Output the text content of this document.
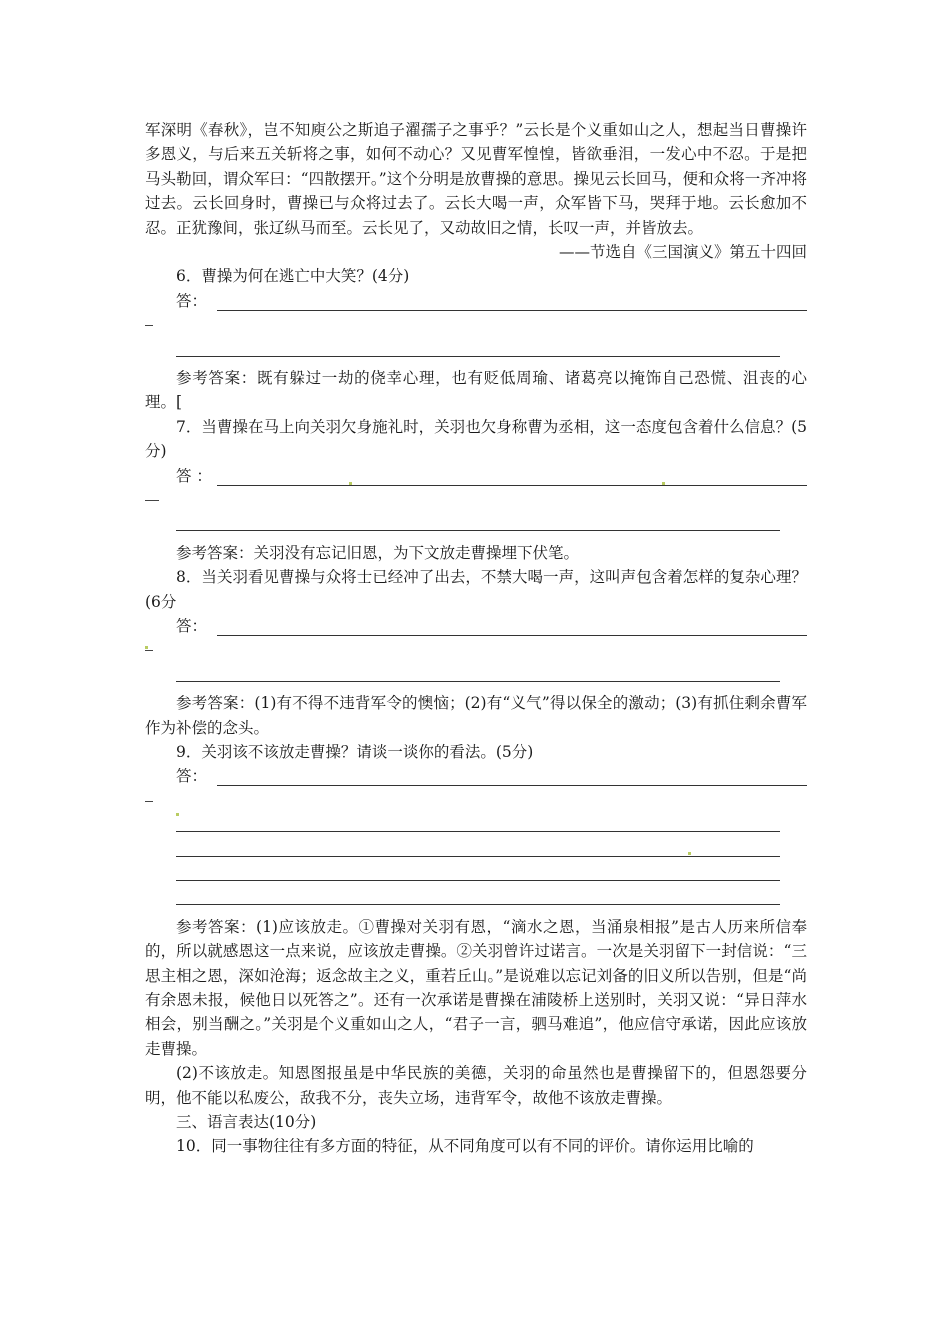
军深明《春秋》，岂不知庾公之斯追子濯孺子之事乎？”云长是个义重如山之人，想起当日曹操许多恩义，与后来五关斩将之事，如何不动心？又见曹军惶惶，皆欲垂泪，一发心中不忍。于是把马头勒回，谓众军曰：“四散摆开。”这个分明是放曹操的意思。操见云长回马，便和众将一齐冲将过去。云长回身时，曹操已与众将过去了。云长大喝一声，众军皆下马，哭拜于地。云长愈加不忍。正犹豫间，张辽纵马而至。云长见了，又动故旧之情，长叹一声，并皆放去。

——节选自《三国演义》第五十四回

6．曹操为何在逃亡中大笑？(4分)

答：

参考答案：既有躲过一劫的侥幸心理，也有贬低周瑜、诸葛亮以掩饰自己恐慌、沮丧的心理。[

7．当曹操在马上向关羽欠身施礼时，关羽也欠身称曹为丞相，这一态度包含着什么信息？(5分)

答 ：

参考答案：关羽没有忘记旧恩，为下文放走曹操埋下伏笔。

8．当关羽看见曹操与众将士已经冲了出去，不禁大喝一声，这叫声包含着怎样的复杂心理？(6分

答：

参考答案：(1)有不得不违背军令的懊恼；(2)有“义气”得以保全的激动；(3)有抓住剩余曹军作为补偿的念头。

9．关羽该不该放走曹操？请谈一谈你的看法。(5分)

答：

参考答案：(1)应该放走。①曹操对关羽有恩，“滴水之恩，当涌泉相报”是古人历来所信奉的，所以就感恩这一点来说，应该放走曹操。②关羽曾许过诺言。一次是关羽留下一封信说：“三思主相之恩，深如沧海；返念故主之义，重若丘山。”是说难以忘记刘备的旧义所以告别，但是“尚有余恩未报，候他日以死答之”。还有一次承诺是曹操在浦陵桥上送别时，关羽又说：“异日萍水相会，别当酬之。”关羽是个义重如山之人，“君子一言，驷马难追”，他应信守承诺，因此应该放走曹操。

(2)不该放走。知恩图报虽是中华民族的美德，关羽的命虽然也是曹操留下的，但恩怨要分明，他不能以私废公，敌我不分，丧失立场，违背军令，故他不该放走曹操。

三、语言表达(10分)

10．同一事物往往有多方面的特征，从不同角度可以有不同的评价。请你运用比喻的
